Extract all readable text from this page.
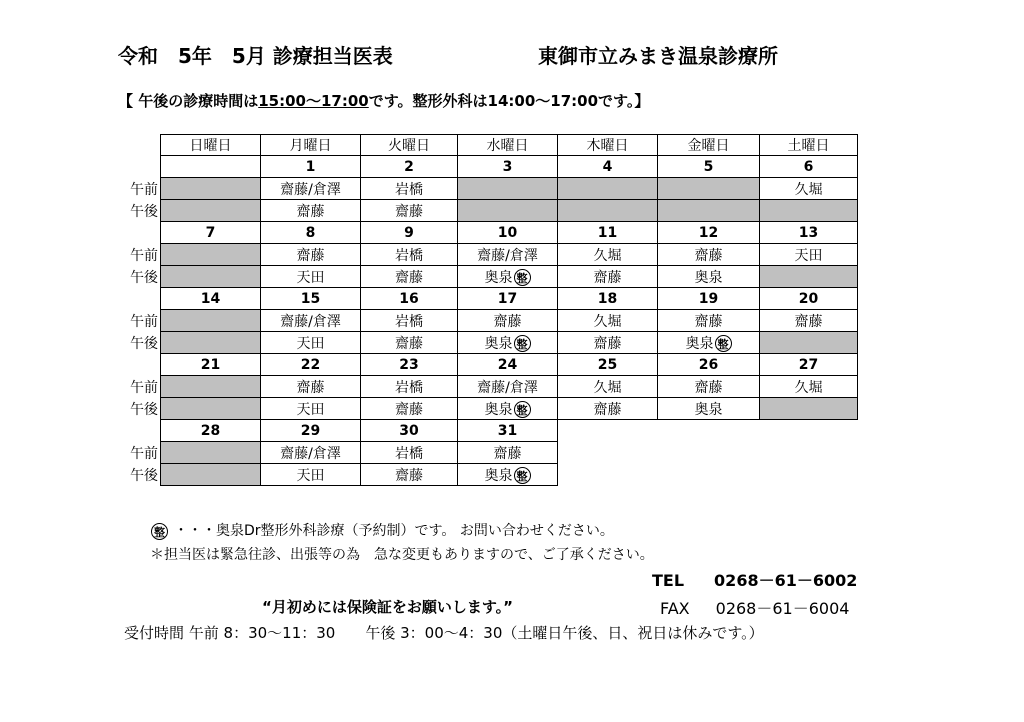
令和　5年　5月 診療担当医表	東御市立みまき温泉診療所
【 午後の診療時間は15:00～17:00です。整形外科は14:00～17:00です。】
	日曜日	月曜日	火曜日	水曜日	木曜日	金曜日	土曜日
		1	2	3	4	5	6
午前		齋藤/倉澤	岩橋				久堀
午後		齋藤	齋藤				
	7	8	9	10	11	12	13
午前		齋藤	岩橋	齋藤/倉澤	久堀	齋藤	天田
午後		天田	齋藤	奥泉 整	齋藤	奥泉	
	14	15	16	17	18	19	20
午前		齋藤/倉澤	岩橋	齋藤	久堀	齋藤	齋藤
午後		天田	齋藤	奥泉 整	齋藤	奥泉 整	
	21	22	23	24	25	26	27
午前		齋藤	岩橋	齋藤/倉澤	久堀	齋藤	久堀
午後		天田	齋藤	奥泉 整	齋藤	奥泉	
	28	29	30	31			
午前		齋藤/倉澤	岩橋	齋藤			
午後		天田	齋藤	奥泉 整			
整 ・・・奥泉Dr整形外科診療（予約制）です。 お問い合わせください。
＊担当医は緊急往診、出張等の為　急な変更もありますので、ご了承ください。
TEL 0268－61－6002
“月初めには保険証をお願いします。”	FAX 0268－61－6004
受付時間 午前 8：30～11：30　　午後 3：00～4：30（土曜日午後、日、祝日は休みです。）
